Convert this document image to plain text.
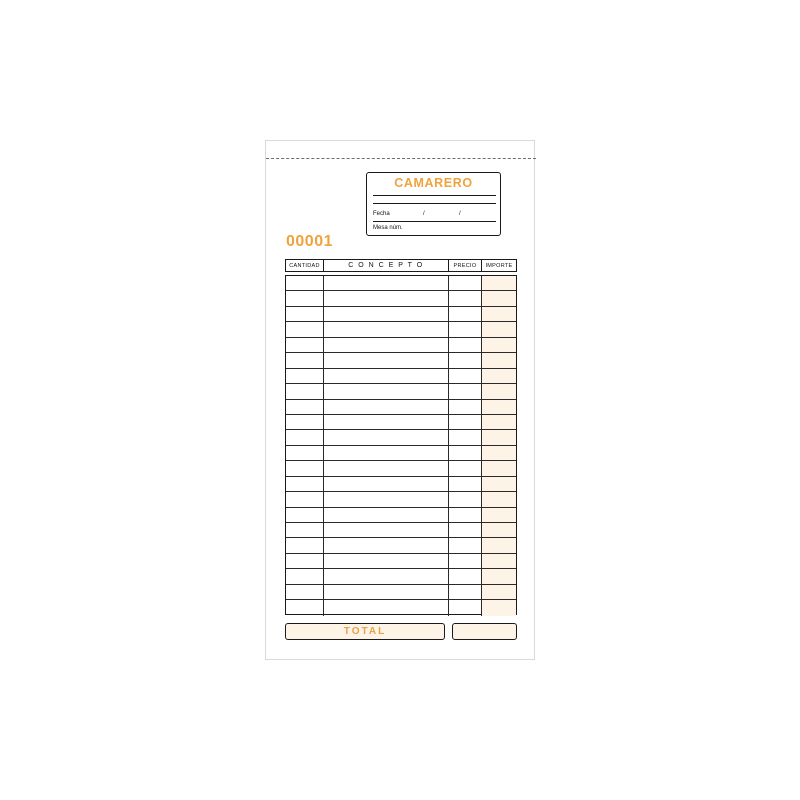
CAMARERO
Fecha	/	/
Mesa núm.
00001
CANTIDAD	C O N C E P T O	PRECIO	IMPORTE
TOTAL
